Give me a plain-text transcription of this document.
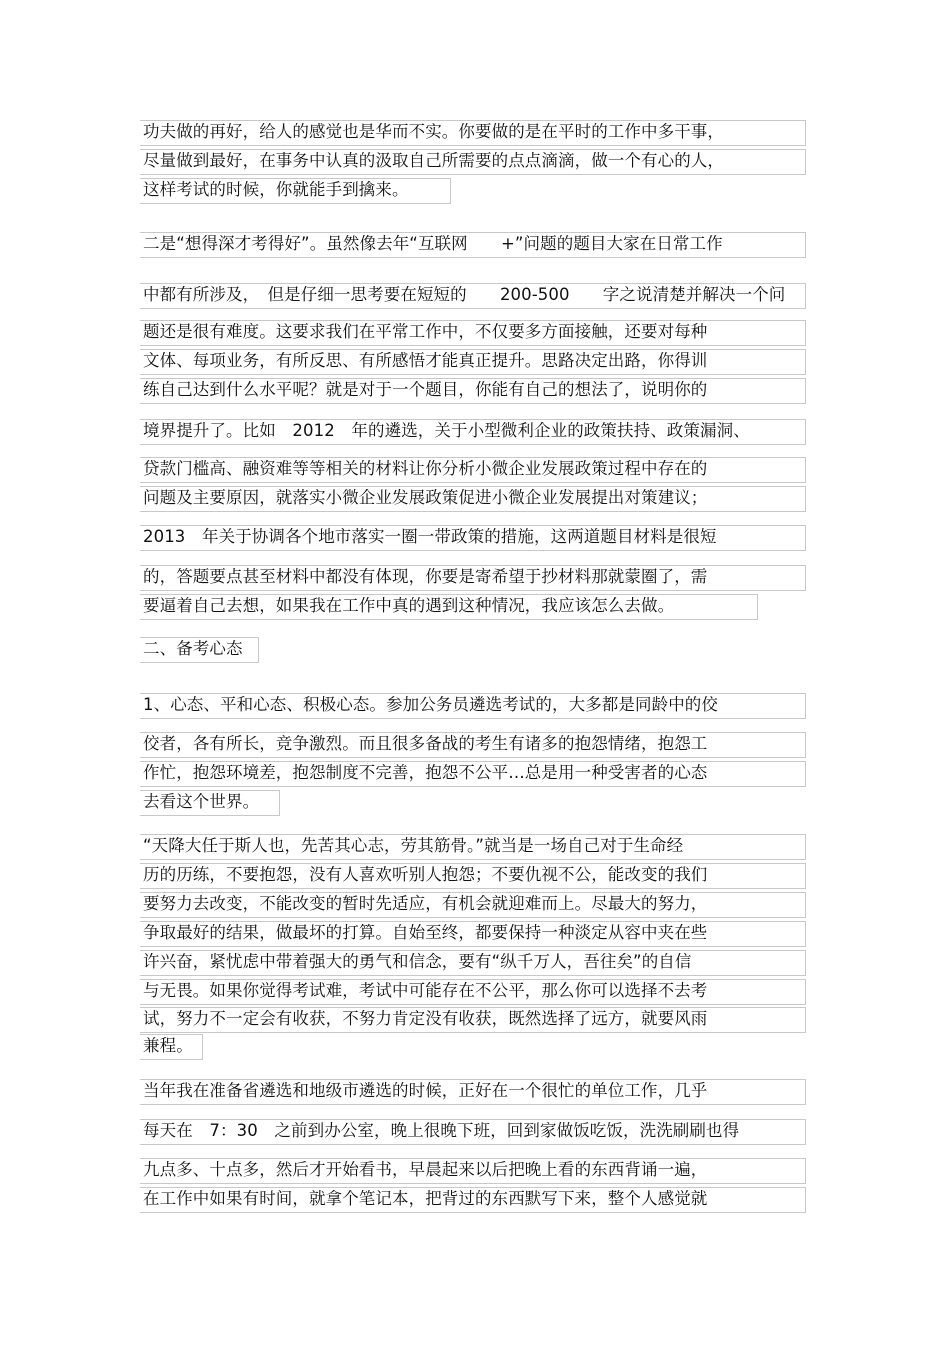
功夫做的再好，给人的感觉也是华而不实。你要做的是在平时的工作中多干事，
尽量做到最好，在事务中认真的汲取自己所需要的点点滴滴，做一个有心的人，
这样考试的时候，你就能手到擒来。
二是“想得深才考得好”。虽然像去年“互联网　　+”问题的题目大家在日常工作
中都有所涉及，　但是仔细一思考要在短短的　　200-500　　字之说清楚并解决一个问
题还是很有难度。这要求我们在平常工作中，不仅要多方面接触，还要对每种
文体、每项业务，有所反思、有所感悟才能真正提升。思路决定出路，你得训
练自己达到什么水平呢？就是对于一个题目，你能有自己的想法了，说明你的
境界提升了。比如　2012　年的遴选，关于小型微利企业的政策扶持、政策漏洞、
贷款门槛高、融资难等等相关的材料让你分析小微企业发展政策过程中存在的
问题及主要原因，就落实小微企业发展政策促进小微企业发展提出对策建议；
2013　年关于协调各个地市落实一圈一带政策的措施，这两道题目材料是很短
的，答题要点甚至材料中都没有体现，你要是寄希望于抄材料那就蒙圈了，需
要逼着自己去想，如果我在工作中真的遇到这种情况，我应该怎么去做。
二、备考心态
1、心态、平和心态、积极心态。参加公务员遴选考试的，大多都是同龄中的佼
佼者，各有所长，竞争激烈。而且很多备战的考生有诸多的抱怨情绪，抱怨工
作忙，抱怨环境差，抱怨制度不完善，抱怨不公平…总是用一种受害者的心态
去看这个世界。
“天降大任于斯人也，先苦其心志，劳其筋骨。”就当是一场自己对于生命经
历的历练，不要抱怨，没有人喜欢听别人抱怨；不要仇视不公，能改变的我们
要努力去改变，不能改变的暂时先适应，有机会就迎难而上。尽最大的努力，
争取最好的结果，做最坏的打算。自始至终，都要保持一种淡定从容中夹在些
许兴奋，紧忧虑中带着强大的勇气和信念，要有“纵千万人，吾往矣”的自信
与无畏。如果你觉得考试难，考试中可能存在不公平，那么你可以选择不去考
试，努力不一定会有收获，不努力肯定没有收获，既然选择了远方，就要风雨
兼程。
当年我在准备省遴选和地级市遴选的时候，正好在一个很忙的单位工作，几乎
每天在　7：30　之前到办公室，晚上很晚下班，回到家做饭吃饭，洗洗刷刷也得
九点多、十点多，然后才开始看书，早晨起来以后把晚上看的东西背诵一遍，
在工作中如果有时间，就拿个笔记本，把背过的东西默写下来，整个人感觉就
